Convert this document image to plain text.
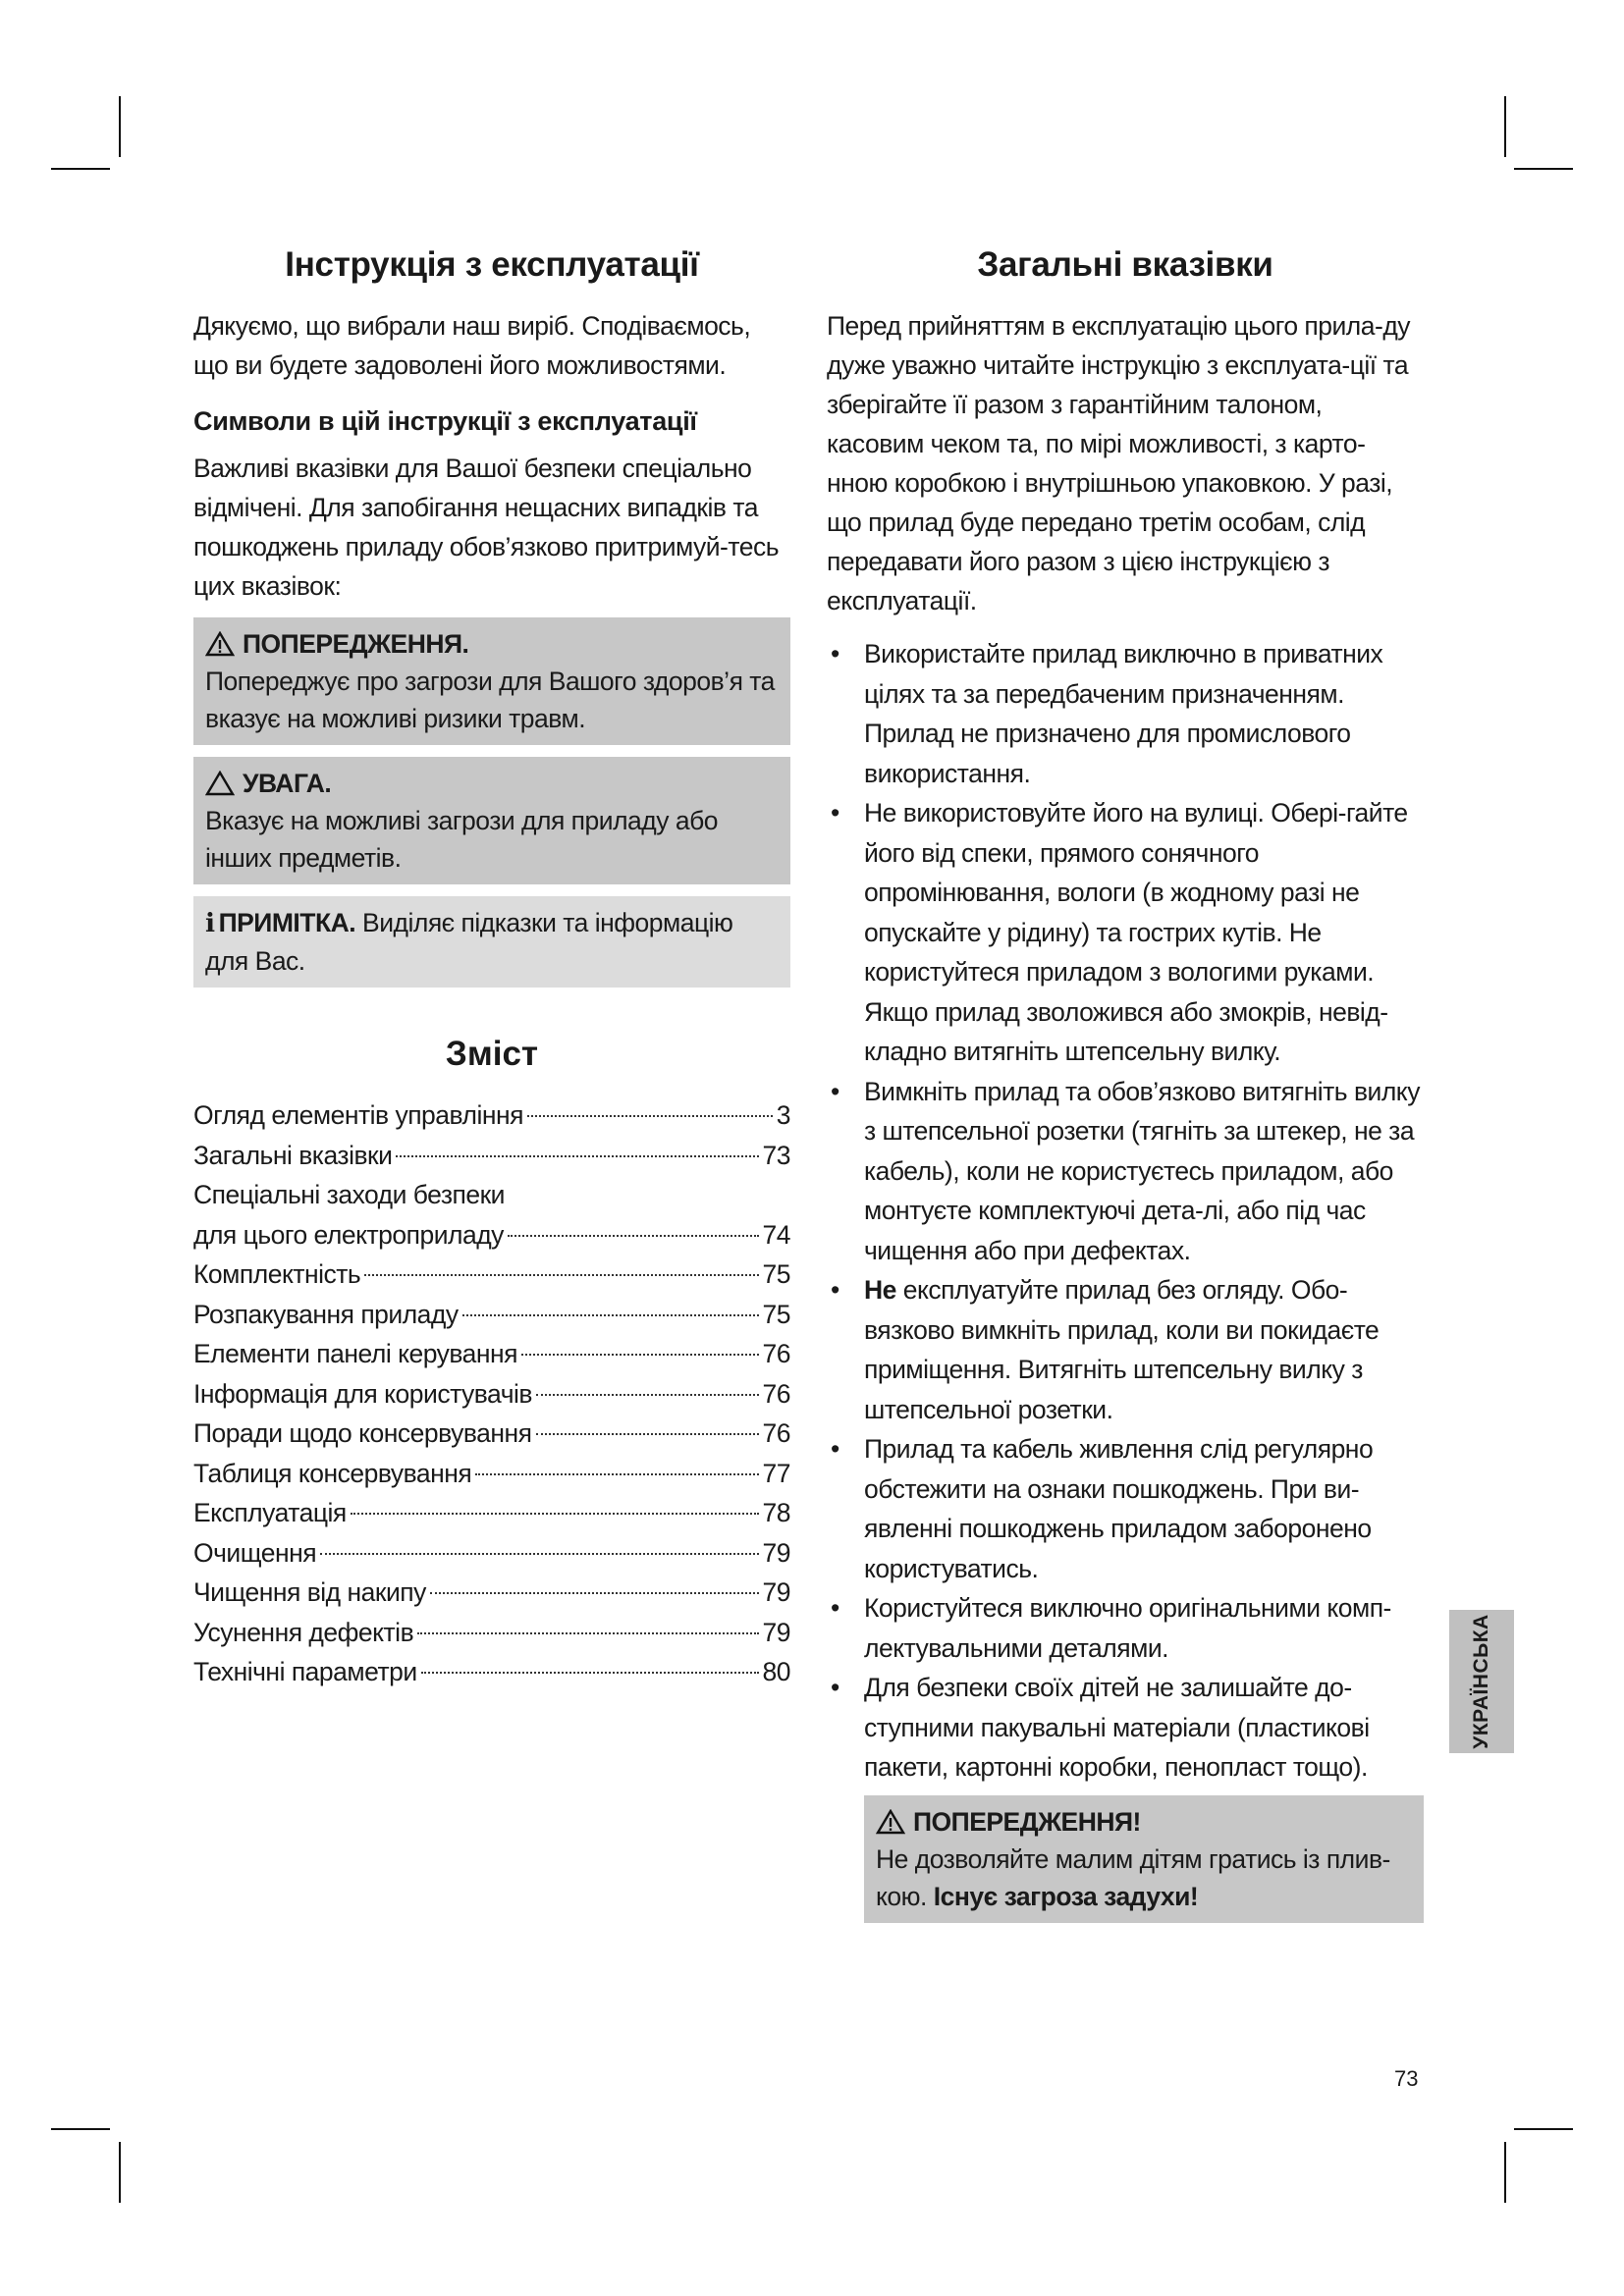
Інструкція з експлуатації

Дякуємо, що вибрали наш виріб. Сподіваємось, що ви будете задоволені його можливостями.

Символи в цій інструкції з експлуатації

Важливі вказівки для Вашої безпеки спеціально відмічені. Для запобігання нещасних випадків та пошкоджень приладу обов’язково притримуй-тесь цих вказівок:

ПОПЕРЕДЖЕННЯ.
Попереджує про загрози для Вашого здоров’я та вказує на можливі ризики травм.
УВАГА.
Вказує на можливі загрози для приладу або інших предметів.
i ПРИМІТКА. Виділяє підказки та інформацію для Вас.
Зміст
Огляд елементів управління	3
Загальні вказівки	73
Спеціальні заходи безпеки
для цього електроприладу	74
Комплектність	75
Розпакування приладу	75
Елементи панелі керування	76
Інформація для користувачів	76
Поради щодо консервування	76
Таблиця консервування	77
Експлуатація	78
Очищення	79
Чищення від накипу	79
Усунення дефектів	79
Технічні параметри	80
Загальні вказівки

Перед прийняттям в експлуатацію цього прила-ду дуже уважно читайте інструкцію з експлуата-ції та зберігайте її разом з гарантійним талоном, касовим чеком та, по мірі можливості, з карто-нною коробкою і внутрішньою упаковкою. У разі, що прилад буде передано третім особам, слід передавати його разом з цією інструкцією з експлуатації.

• Використайте прилад виключно в приватних цілях та за передбаченим призначенням. Прилад не призначено для промислового використання.
• Не використовуйте його на вулиці. Обері-гайте його від спеки, прямого сонячного опромінювання, вологи (в жодному разі не опускайте у рідину) та гострих кутів. Не користуйтеся приладом з вологими руками. Якщо прилад зволожився або змокрів, невід-кладно витягніть штепсельну вилку.
• Вимкніть прилад та обов’язково витягніть вилку з штепсельної розетки (тягніть за штекер, не за кабель), коли не користуєтесь приладом, або монтуєте комплектуючі дета-лі, або під час чищення або при дефектах.
• Не експлуатуйте прилад без огляду. Обо-вязково вимкніть прилад, коли ви покидаєте приміщення. Витягніть штепсельну вилку з штепсельної розетки.
• Прилад та кабель живлення слід регулярно обстежити на ознаки пошкоджень. При ви-явленні пошкоджень приладом заборонено користуватись.
• Користуйтеся виключно оригінальними комп-лектувальними деталями.
• Для безпеки своїх дітей не залишайте до-ступними пакувальні матеріали (пластикові пакети, картонні коробки, пенопласт тощо).
ПОПЕРЕДЖЕННЯ!
Не дозволяйте малим дітям гратись із плив-кою. Існує загроза задухи!
УКРАЇНСЬКА
73
